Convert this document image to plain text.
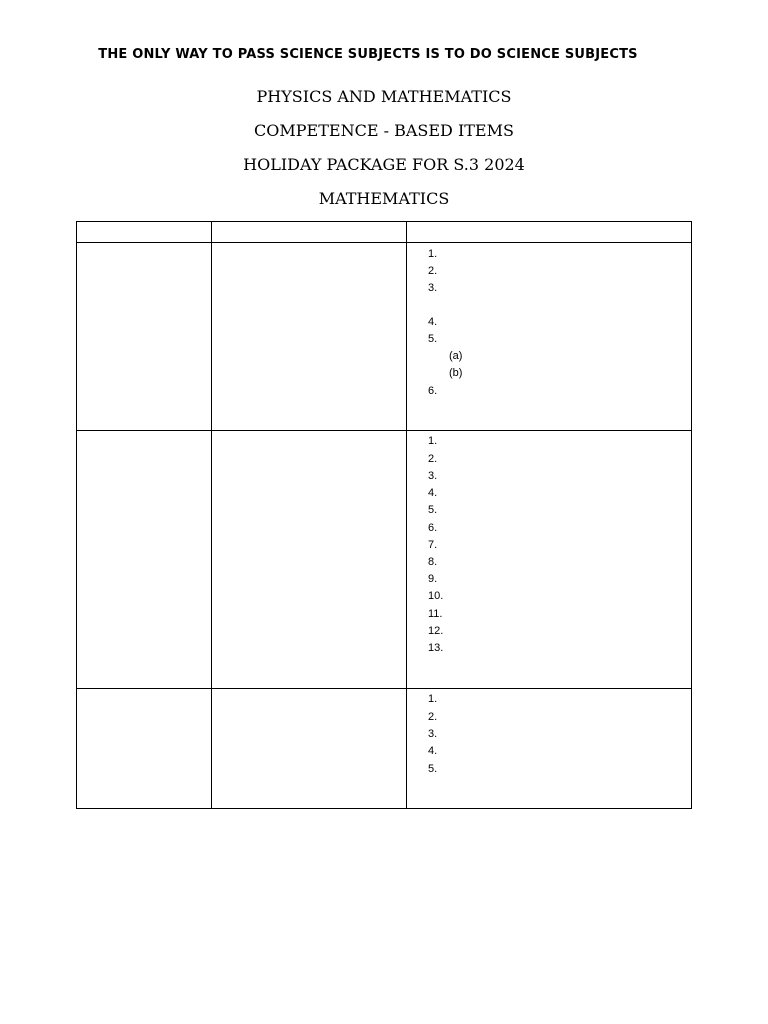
THE ONLY WAY TO PASS SCIENCE SUBJECTS IS TO DO SCIENCE SUBJECTS
PHYSICS AND MATHEMATICS
COMPETENCE - BASED ITEMS
HOLIDAY PACKAGE FOR S.3 2024
MATHEMATICS
1.
2.
3.
4.
5.
(a)
(b)
6.
1.
2.
3.
4.
5.
6.
7.
8.
9.
10.
11.
12.
13.
1.
2.
3.
4.
5.
